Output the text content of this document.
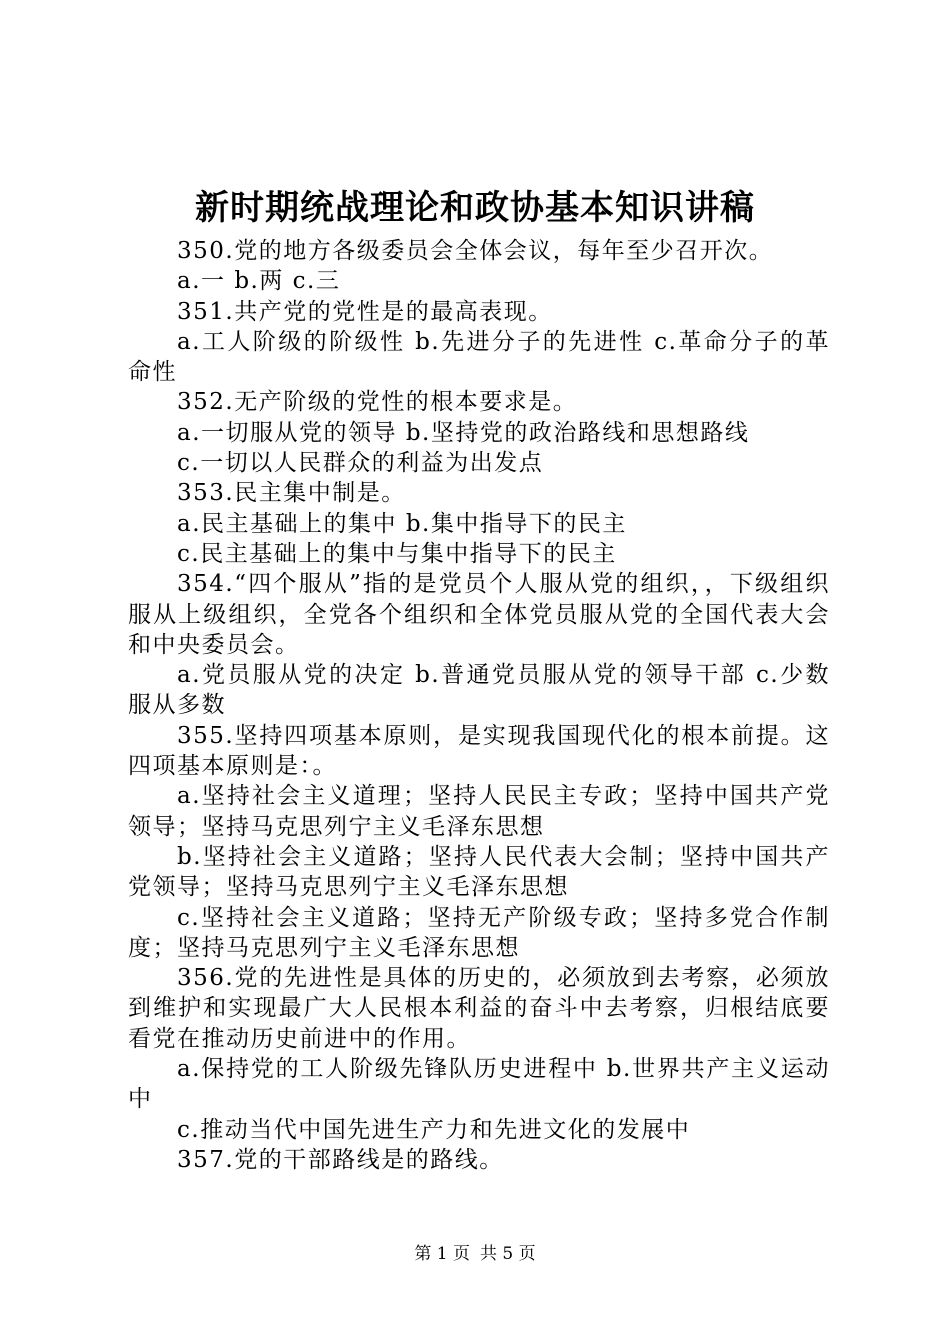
新时期统战理论和政协基本知识讲稿

350.党的地方各级委员会全体会议，每年至少召开次。

a.一 b.两 c.三

351.共产党的党性是的最高表现。

a.工人阶级的阶级性 b.先进分子的先进性 c.革命分子的革命性

352.无产阶级的党性的根本要求是。

a.一切服从党的领导 b.坚持党的政治路线和思想路线

c.一切以人民群众的利益为出发点

353.民主集中制是。

a.民主基础上的集中 b.集中指导下的民主

c.民主基础上的集中与集中指导下的民主

354.“四个服从”指的是党员个人服从党的组织，，下级组织服从上级组织，全党各个组织和全体党员服从党的全国代表大会和中央委员会。

a.党员服从党的决定 b.普通党员服从党的领导干部 c.少数服从多数

355.坚持四项基本原则，是实现我国现代化的根本前提。这四项基本原则是：。

a.坚持社会主义道理；坚持人民民主专政；坚持中国共产党领导；坚持马克思列宁主义毛泽东思想

b.坚持社会主义道路；坚持人民代表大会制；坚持中国共产党领导；坚持马克思列宁主义毛泽东思想

c.坚持社会主义道路；坚持无产阶级专政；坚持多党合作制度；坚持马克思列宁主义毛泽东思想

356.党的先进性是具体的历史的，必须放到去考察，必须放到维护和实现最广大人民根本利益的奋斗中去考察，归根结底要看党在推动历史前进中的作用。

a.保持党的工人阶级先锋队历史进程中 b.世界共产主义运动中

c.推动当代中国先进生产力和先进文化的发展中

357.党的干部路线是的路线。

第 1 页 共 5 页
